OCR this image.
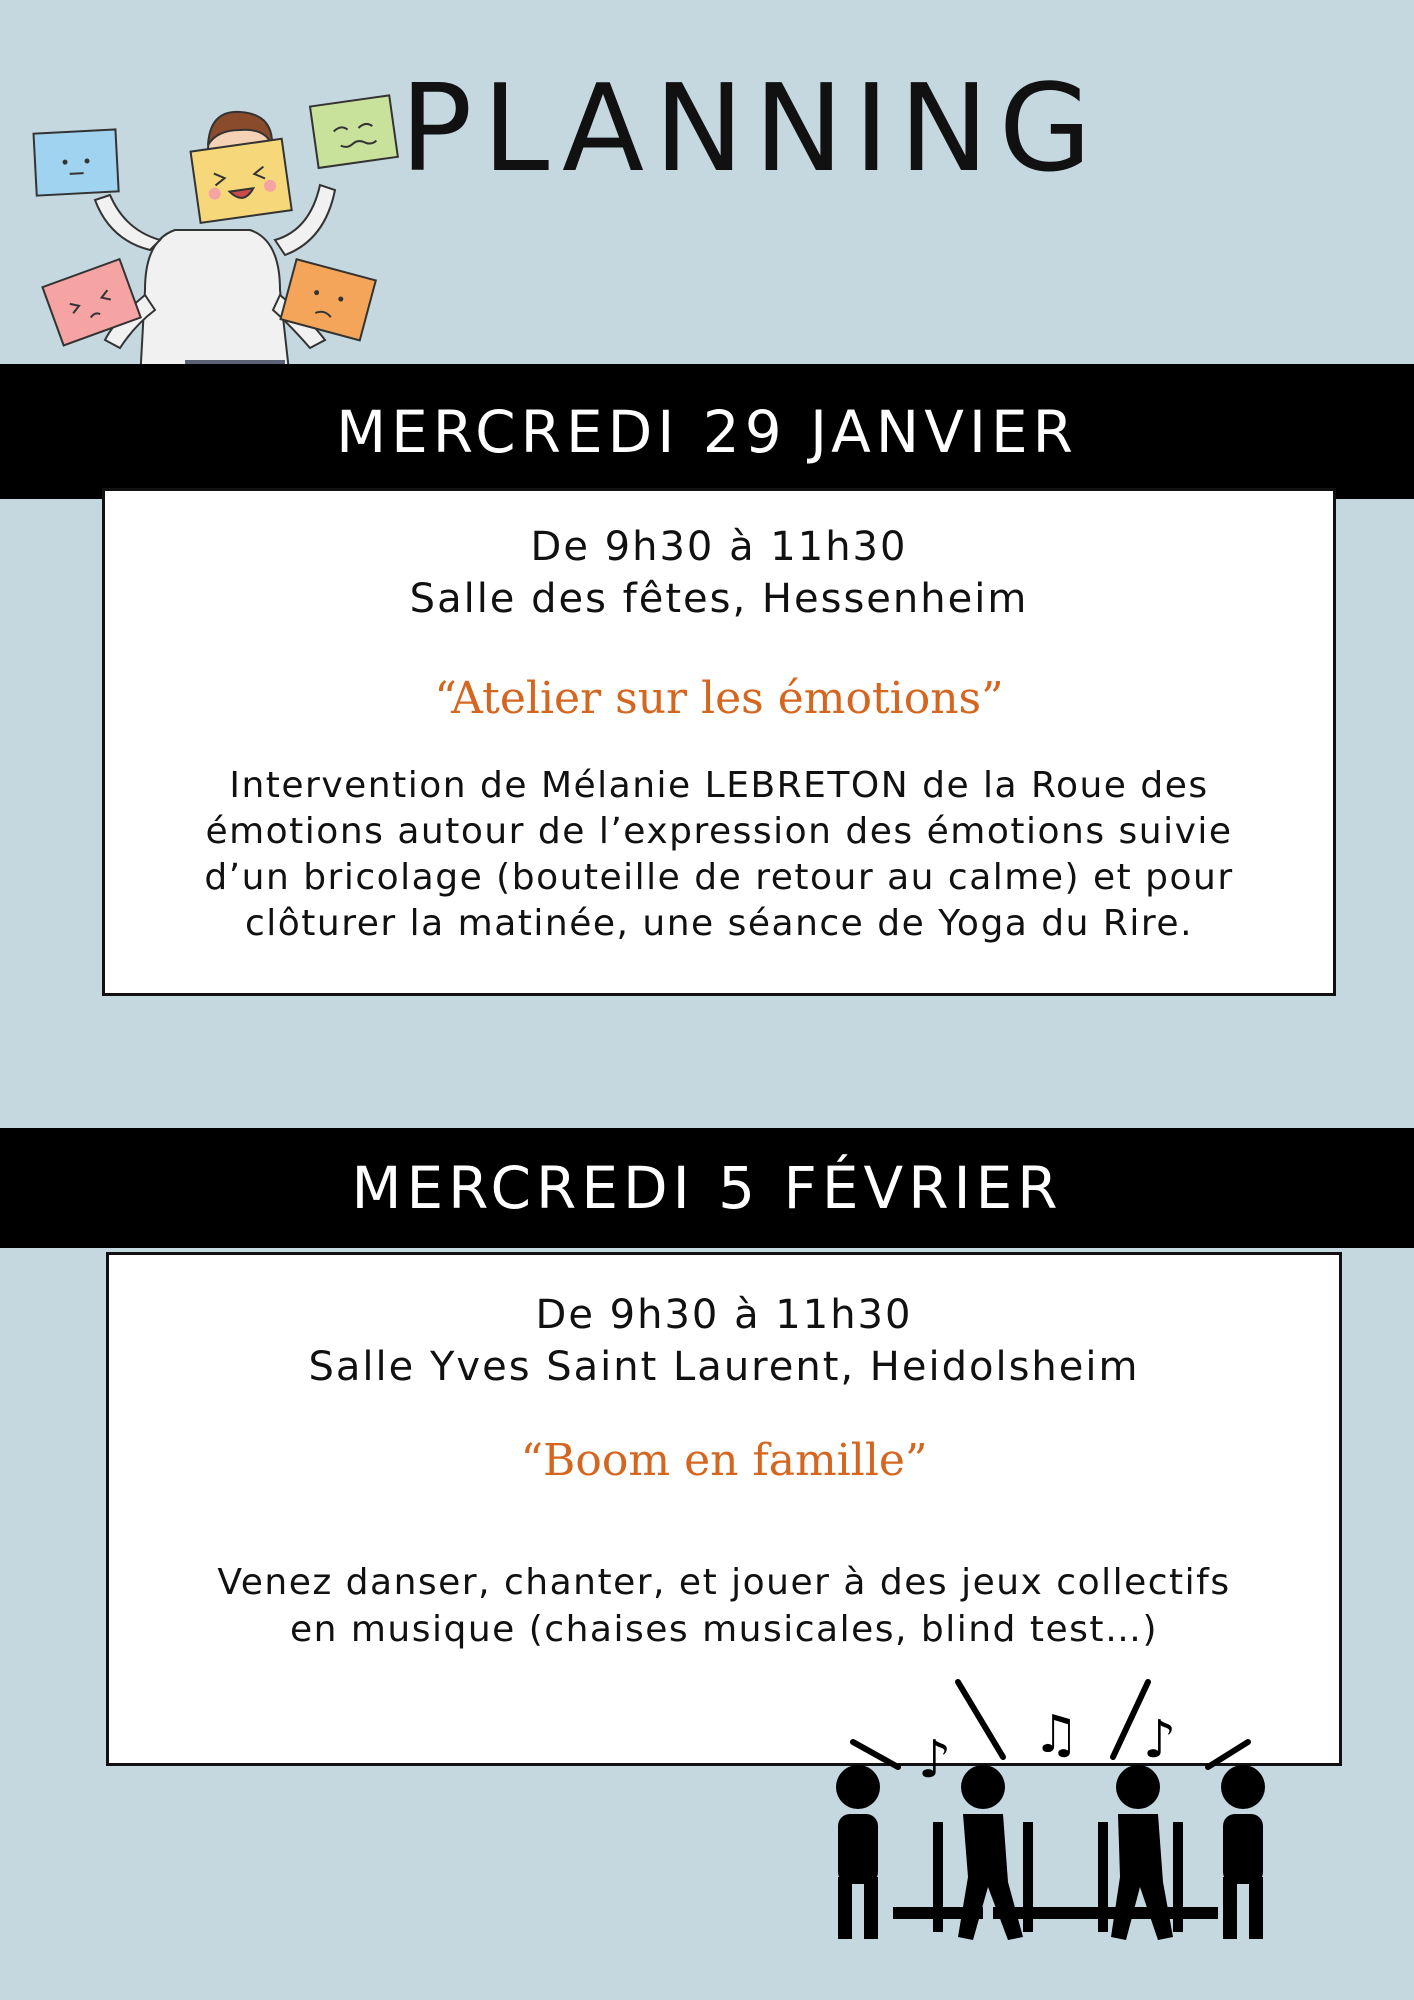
PLANNING
MERCREDI 29 JANVIER
De 9h30 à 11h30
Salle des fêtes, Hessenheim
“Atelier sur les émotions”
Intervention de Mélanie LEBRETON de la Roue des
émotions autour de l’expression des émotions suivie
d’un bricolage (bouteille de retour au calme) et pour
clôturer la matinée, une séance de Yoga du Rire.
MERCREDI 5 FÉVRIER
De 9h30 à 11h30
Salle Yves Saint Laurent, Heidolsheim
“Boom en famille”
Venez danser, chanter, et jouer à des jeux collectifs
en musique (chaises musicales, blind test…)
♪ ♫ ♪
